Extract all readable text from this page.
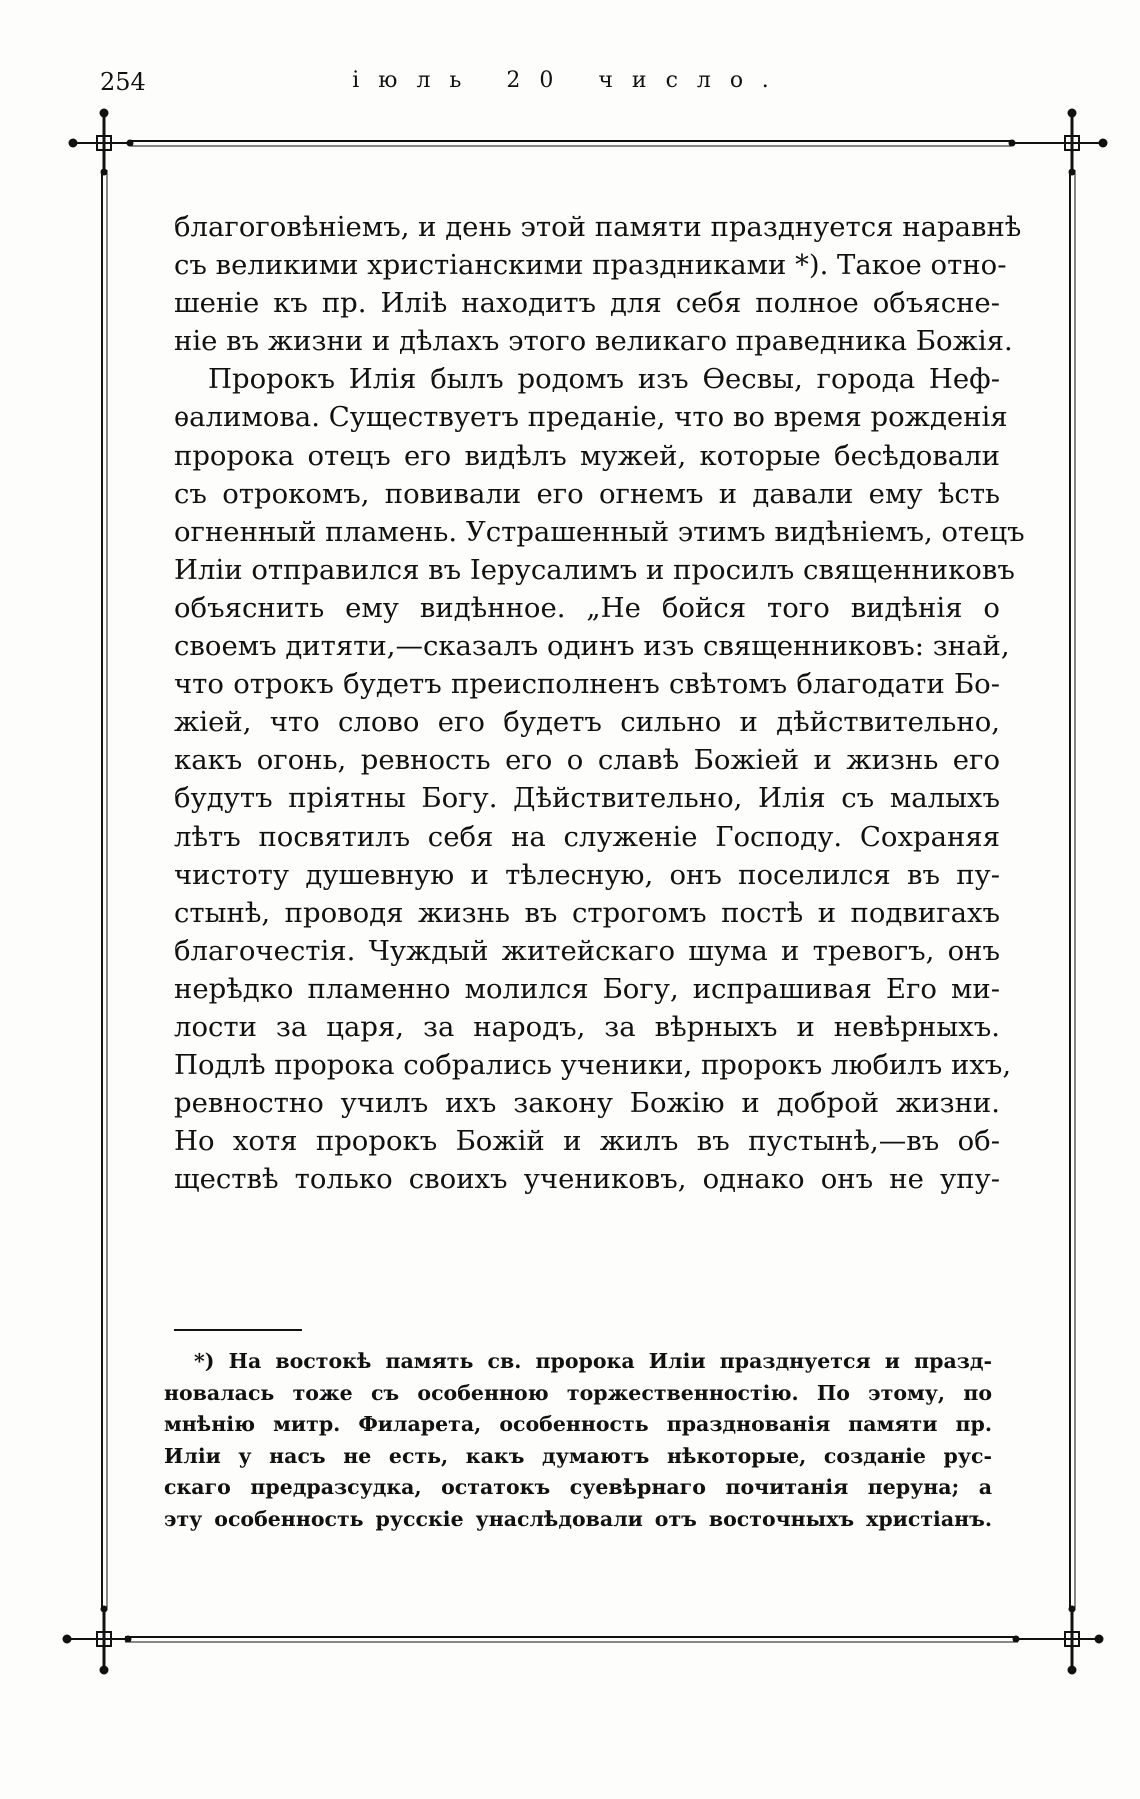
254	іюль 20 числo.
благоговѣніемъ, и день этой памяти празднуется наравнѣ
съ великими христіанскими праздниками *). Такое отно-
шеніе къ пр. Иліѣ находитъ для себя полное объясне-
ніе въ жизни и дѣлахъ этого великаго праведника Божія.
Пророкъ Илія былъ родомъ изъ Ѳесвы, города Неф-
ѳалимова. Существуетъ преданіе, что во время рожденія
пророка отецъ его видѣлъ мужей, которые бесѣдовали
съ отрокомъ, повивали его огнемъ и давали ему ѣсть
огненный пламень. Устрашенный этимъ видѣніемъ, отецъ
Иліи отправился въ Іерусалимъ и просилъ священниковъ
объяснить ему видѣнное. „Не бойся того видѣнія о
своемъ дитяти,—сказалъ одинъ изъ священниковъ: знай,
что отрокъ будетъ преисполненъ свѣтомъ благодати Бо-
жіей, что слово его будетъ сильно и дѣйствительно,
какъ огонь, ревность его о славѣ Божіей и жизнь его
будутъ пріятны Богу. Дѣйствительно, Илія съ малыхъ
лѣтъ посвятилъ себя на служеніе Господу. Сохраняя
чистоту душевную и тѣлесную, онъ поселился въ пу-
стынѣ, проводя жизнь въ строгомъ постѣ и подвигахъ
благочестія. Чуждый житейскаго шума и тревогъ, онъ
нерѣдко пламенно молился Богу, испрашивая Его ми-
лости за царя, за народъ, за вѣрныхъ и невѣрныхъ.
Подлѣ пророка собрались ученики, пророкъ любилъ ихъ,
ревностно училъ ихъ закону Божію и доброй жизни.
Но хотя пророкъ Божій и жилъ въ пустынѣ,—въ об-
ществѣ только своихъ учениковъ, однако онъ не упу-
*) На востокѣ память св. пророка Иліи празднуется и празд-
новалась тоже съ особенною торжественностію. По этому, по
мнѣнію митр. Филарета, особенность празднованія памяти пр.
Иліи у насъ не есть, какъ думаютъ нѣкоторые, созданіе рус-
скаго предразсудка, остатокъ суевѣрнаго почитанія перуна; а
эту особенность русскіе унаслѣдовали отъ восточныхъ христіанъ.
